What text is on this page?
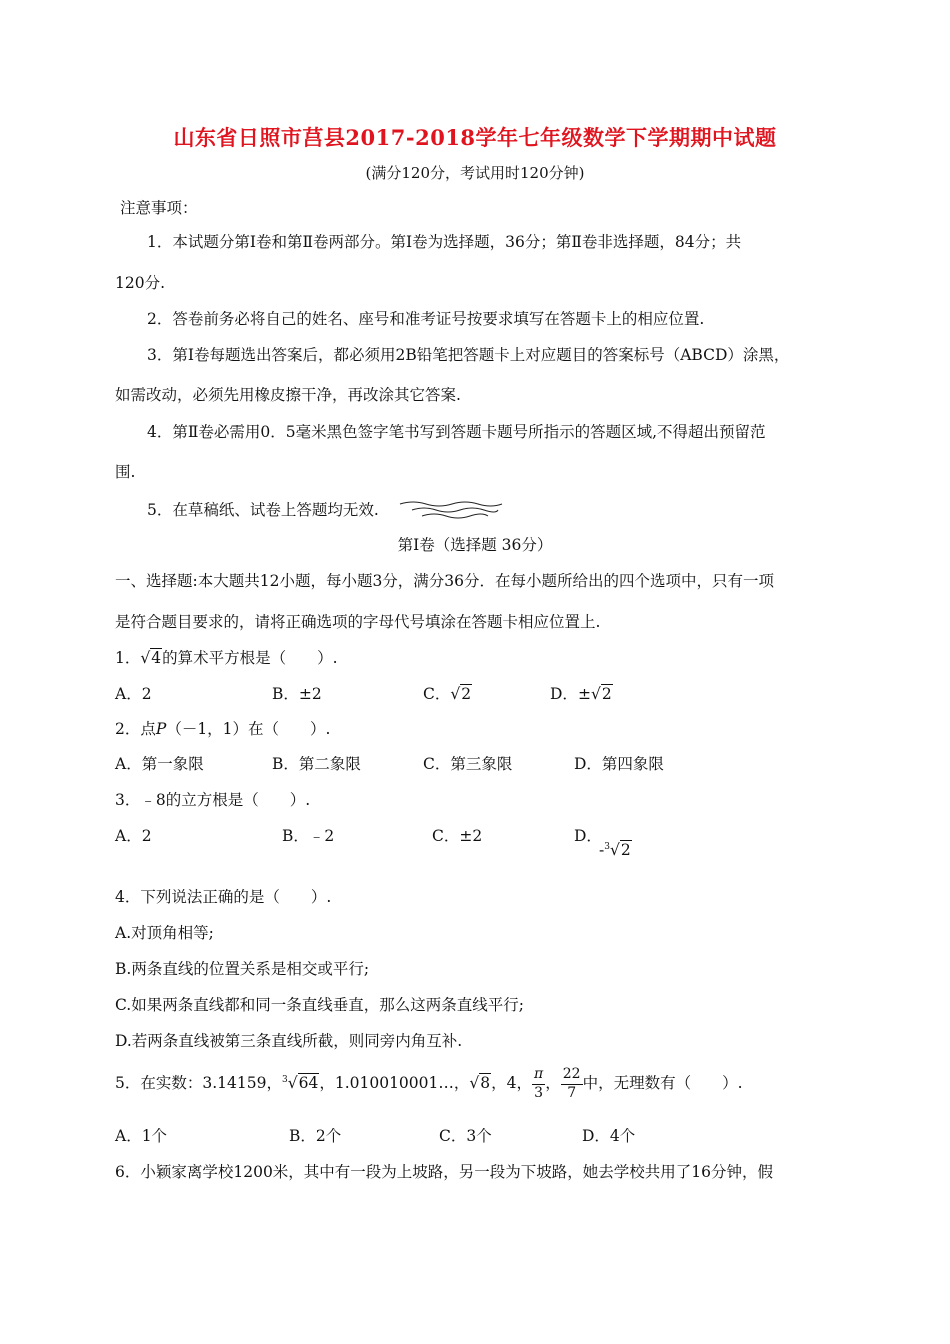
山东省日照市莒县2017-2018学年七年级数学下学期期中试题
(满分120分，考试用时120分钟)
注意事项：
1．本试题分第Ⅰ卷和第Ⅱ卷两部分。第Ⅰ卷为选择题，36分；第Ⅱ卷非选择题，84分；共
120分.
2．答卷前务必将自己的姓名、座号和准考证号按要求填写在答题卡上的相应位置.
3．第Ⅰ卷每题选出答案后，都必须用2B铅笔把答题卡上对应题目的答案标号（ABCD）涂黑，
如需改动，必须先用橡皮擦干净，再改涂其它答案.
4．第Ⅱ卷必需用0．5毫米黑色签字笔书写到答题卡题号所指示的答题区域,不得超出预留范
围.
5．在草稿纸、试卷上答题均无效.
第Ⅰ卷（选择题 36分）
一、选择题:本大题共12小题，每小题3分，满分36分．在每小题所给出的四个选项中，只有一项
是符合题目要求的，请将正确选项的字母代号填涂在答题卡相应位置上.
1．√4的算术平方根是（　　）.
A．2	B．±2	C．√2	D．±√2
2．点P（－1，1）在（　　）.
A．第一象限	B．第二象限	C．第三象限	D．第四象限
3．﹣8的立方根是（　　）.
A．2	B．﹣2	C．±2	D．
-$^3$√2
4．下列说法正确的是（　　）.
A.对顶角相等;
B.两条直线的位置关系是相交或平行;
C.如果两条直线都和同一条直线垂直，那么这两条直线平行;
D.若两条直线被第三条直线所截，则同旁内角互补.
5．在实数：3.14159，$^3$√64，1.010010001…，√8，4， $\frac{\pi}{3}$ ， $\frac{22}{7}$ 中，无理数有（　　）.
A．1个	B．2个	C．3个	D．4个
6．小颖家离学校1200米，其中有一段为上坡路，另一段为下坡路，她去学校共用了16分钟，假
